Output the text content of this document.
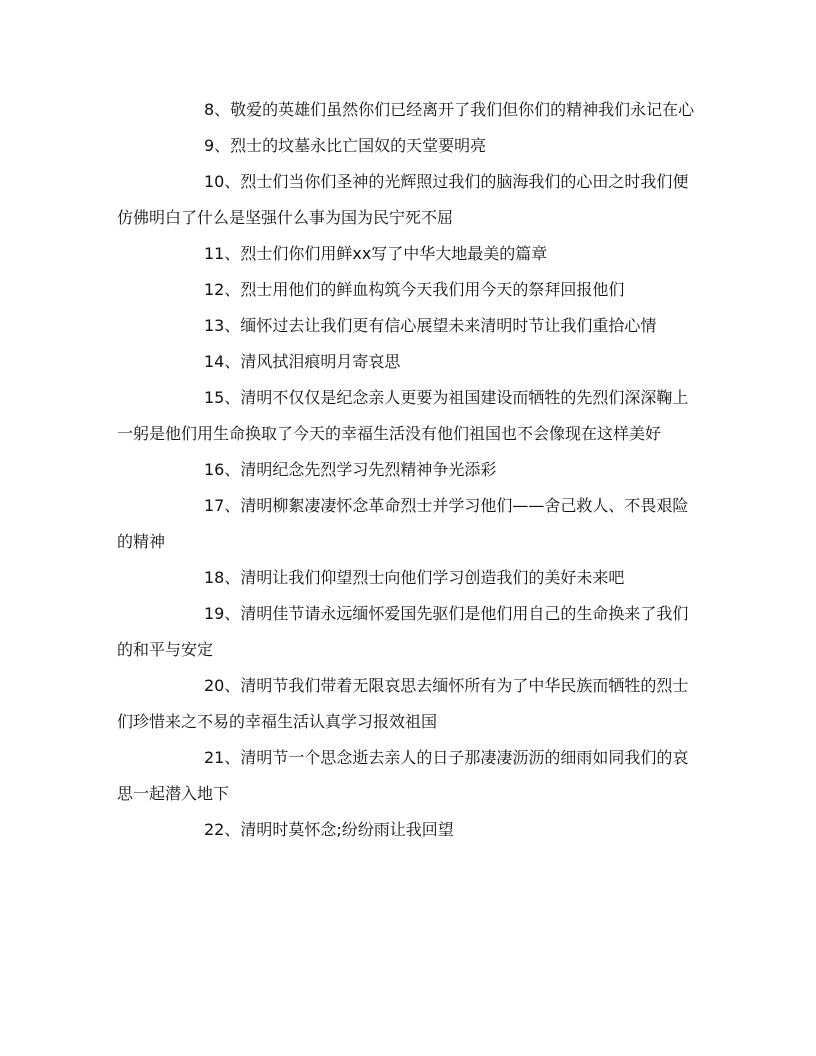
8、敬爱的英雄们虽然你们已经离开了我们但你们的精神我们永记在心

9、烈士的坟墓永比亡国奴的天堂要明亮

10、烈士们当你们圣神的光辉照过我们的脑海我们的心田之时我们便仿佛明白了什么是坚强什么事为国为民宁死不屈

11、烈士们你们用鲜xx写了中华大地最美的篇章

12、烈士用他们的鲜血构筑今天我们用今天的祭拜回报他们

13、缅怀过去让我们更有信心展望未来清明时节让我们重拾心情

14、清风拭泪痕明月寄哀思

15、清明不仅仅是纪念亲人更要为祖国建设而牺牲的先烈们深深鞠上一躬是他们用生命换取了今天的幸福生活没有他们祖国也不会像现在这样美好

16、清明纪念先烈学习先烈精神争光添彩

17、清明柳絮凄凄怀念革命烈士并学习他们——舍己救人、不畏艰险的精神

18、清明让我们仰望烈士向他们学习创造我们的美好未来吧

19、清明佳节请永远缅怀爱国先驱们是他们用自己的生命换来了我们的和平与安定

20、清明节我们带着无限哀思去缅怀所有为了中华民族而牺牲的烈士们珍惜来之不易的幸福生活认真学习报效祖国

21、清明节一个思念逝去亲人的日子那凄凄沥沥的细雨如同我们的哀思一起潜入地下

22、清明时莫怀念;纷纷雨让我回望
